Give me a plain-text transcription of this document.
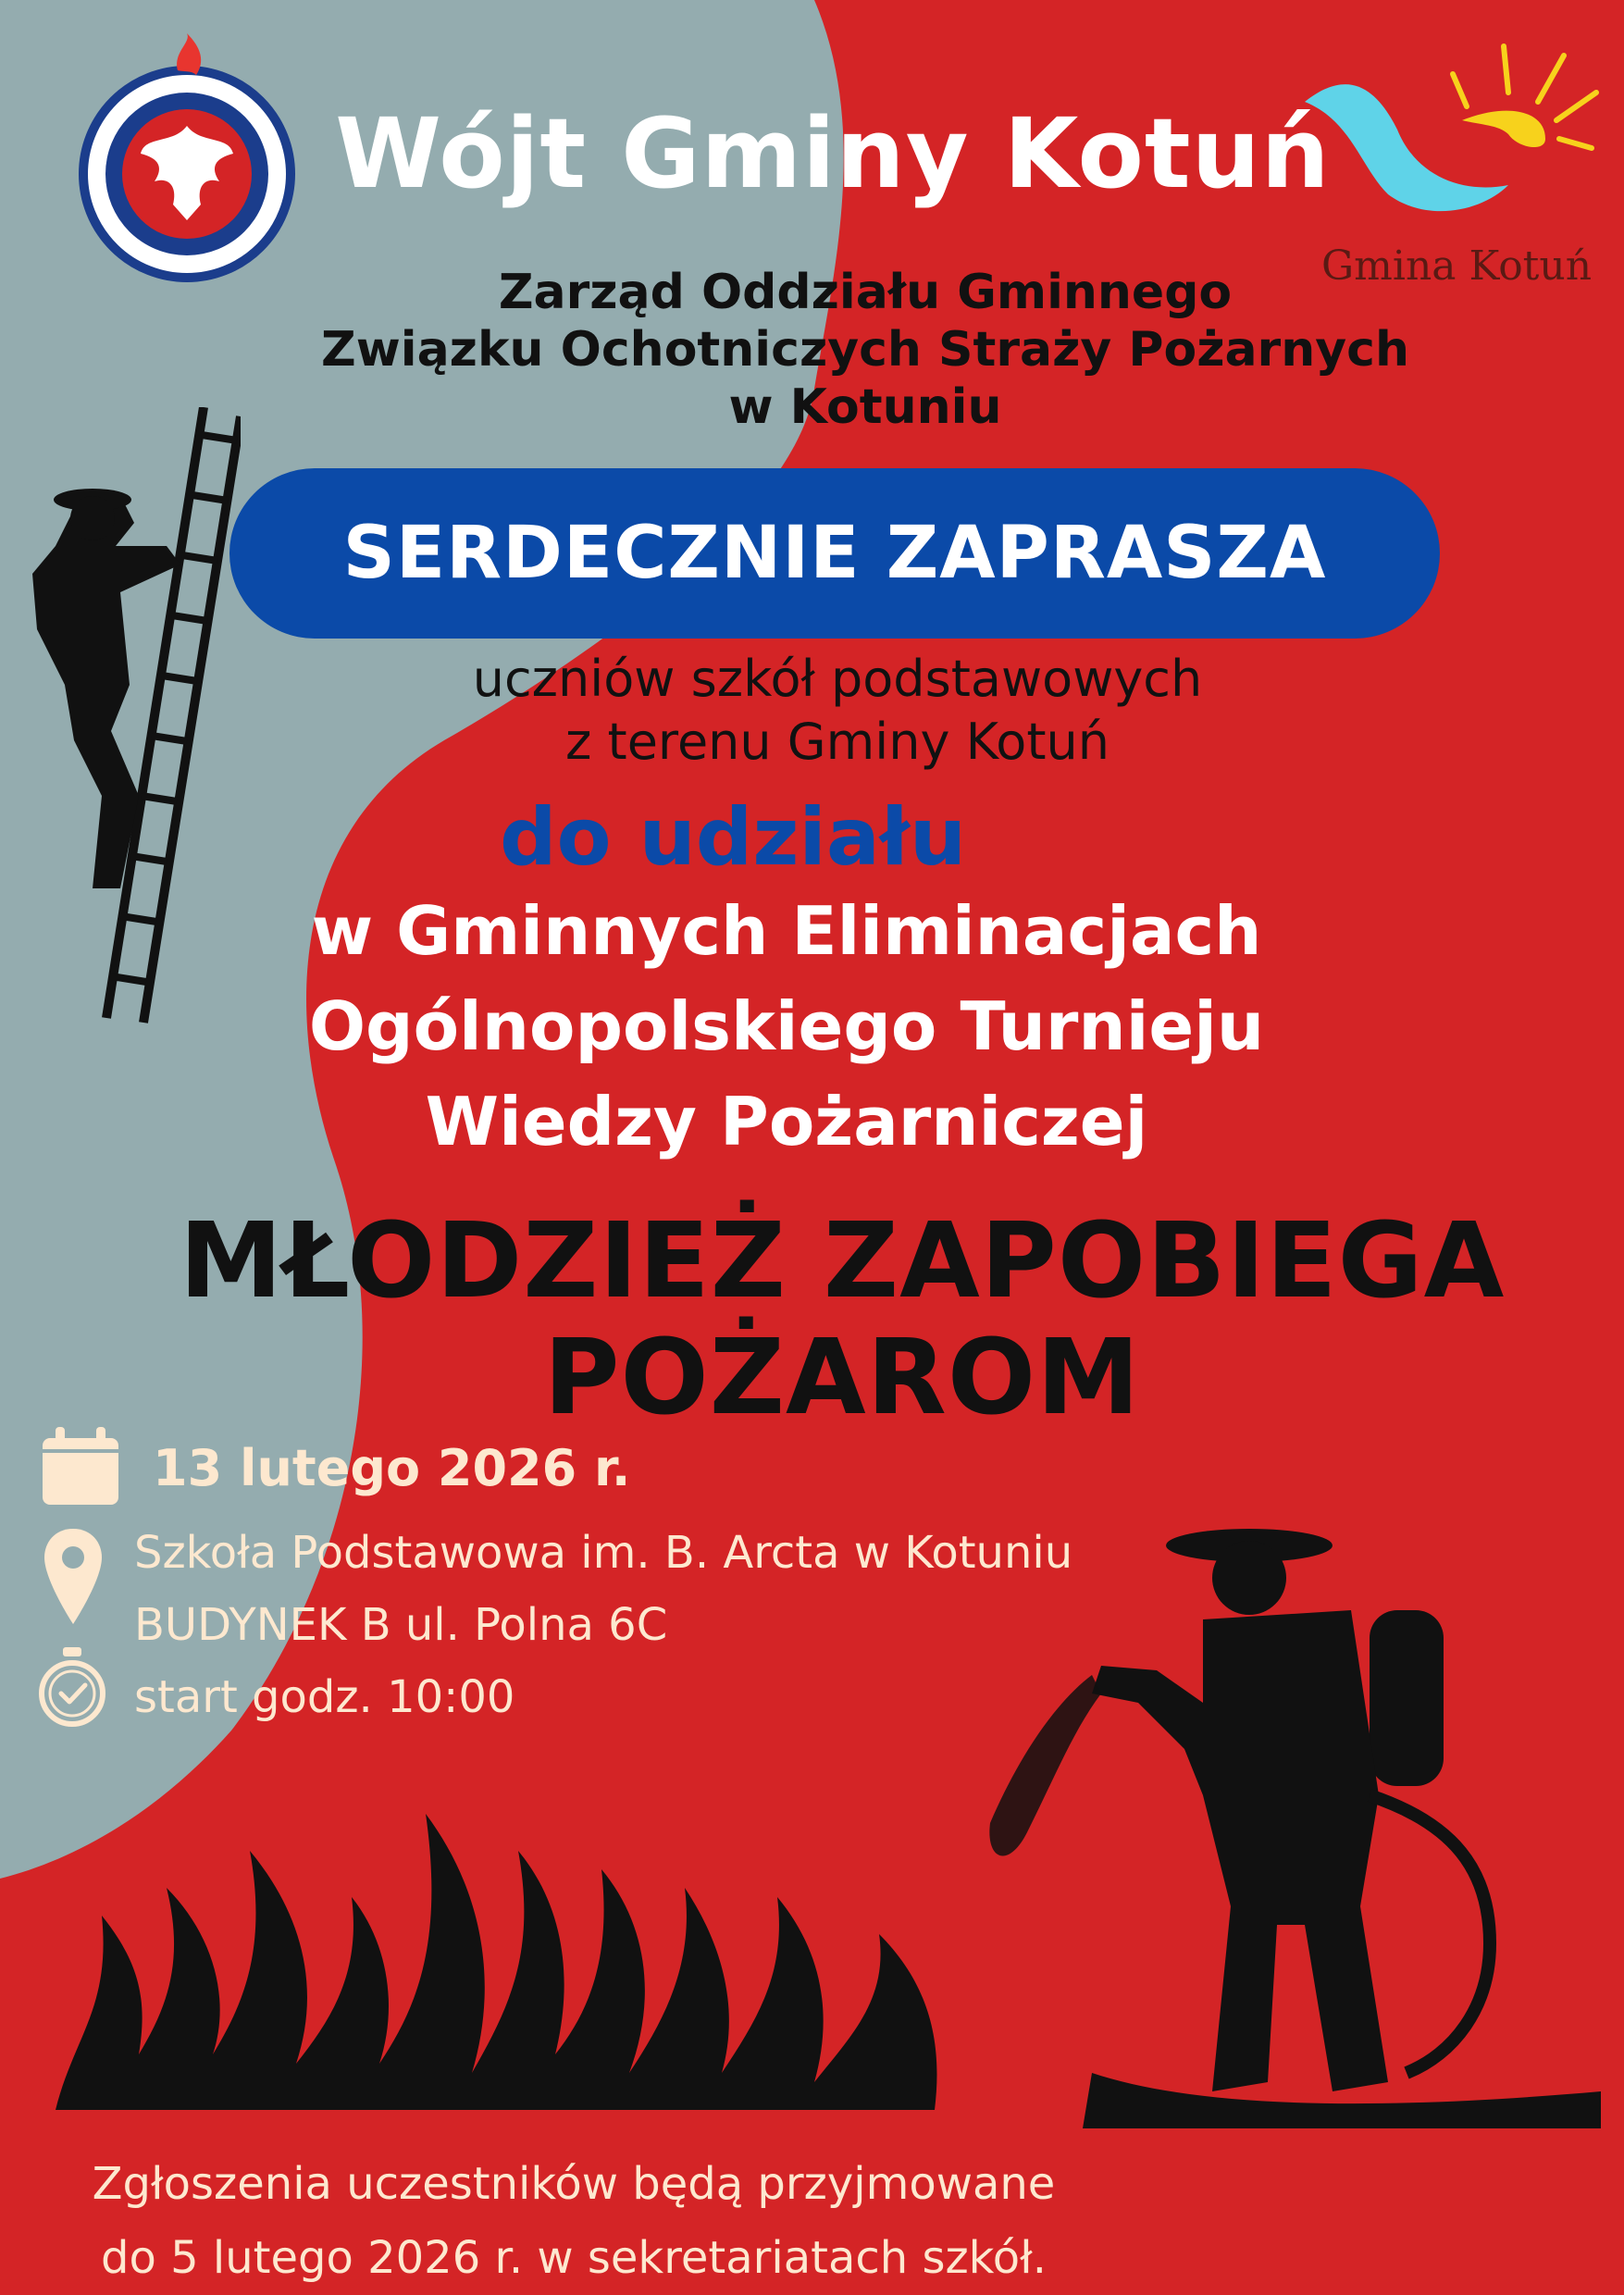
Gmina Kotuń
Wójt Gminy Kotuń
Zarząd Oddziału Gminnego
Związku Ochotniczych Straży Pożarnych
w Kotuniu
SERDECZNIE ZAPRASZA
uczniów szkół podstawowych
z terenu Gminy Kotuń
do udziału
w Gminnych Eliminacjach
Ogólnopolskiego Turnieju
Wiedzy Pożarniczej
MŁODZIEŻ ZAPOBIEGA
POŻAROM
13 lutego 2026 r.
Szkoła Podstawowa im. B. Arcta w Kotuniu
BUDYNEK B ul. Polna 6C
start godz. 10:00
Zgłoszenia uczestników będą przyjmowane
do 5 lutego 2026 r. w sekretariatach szkół.
